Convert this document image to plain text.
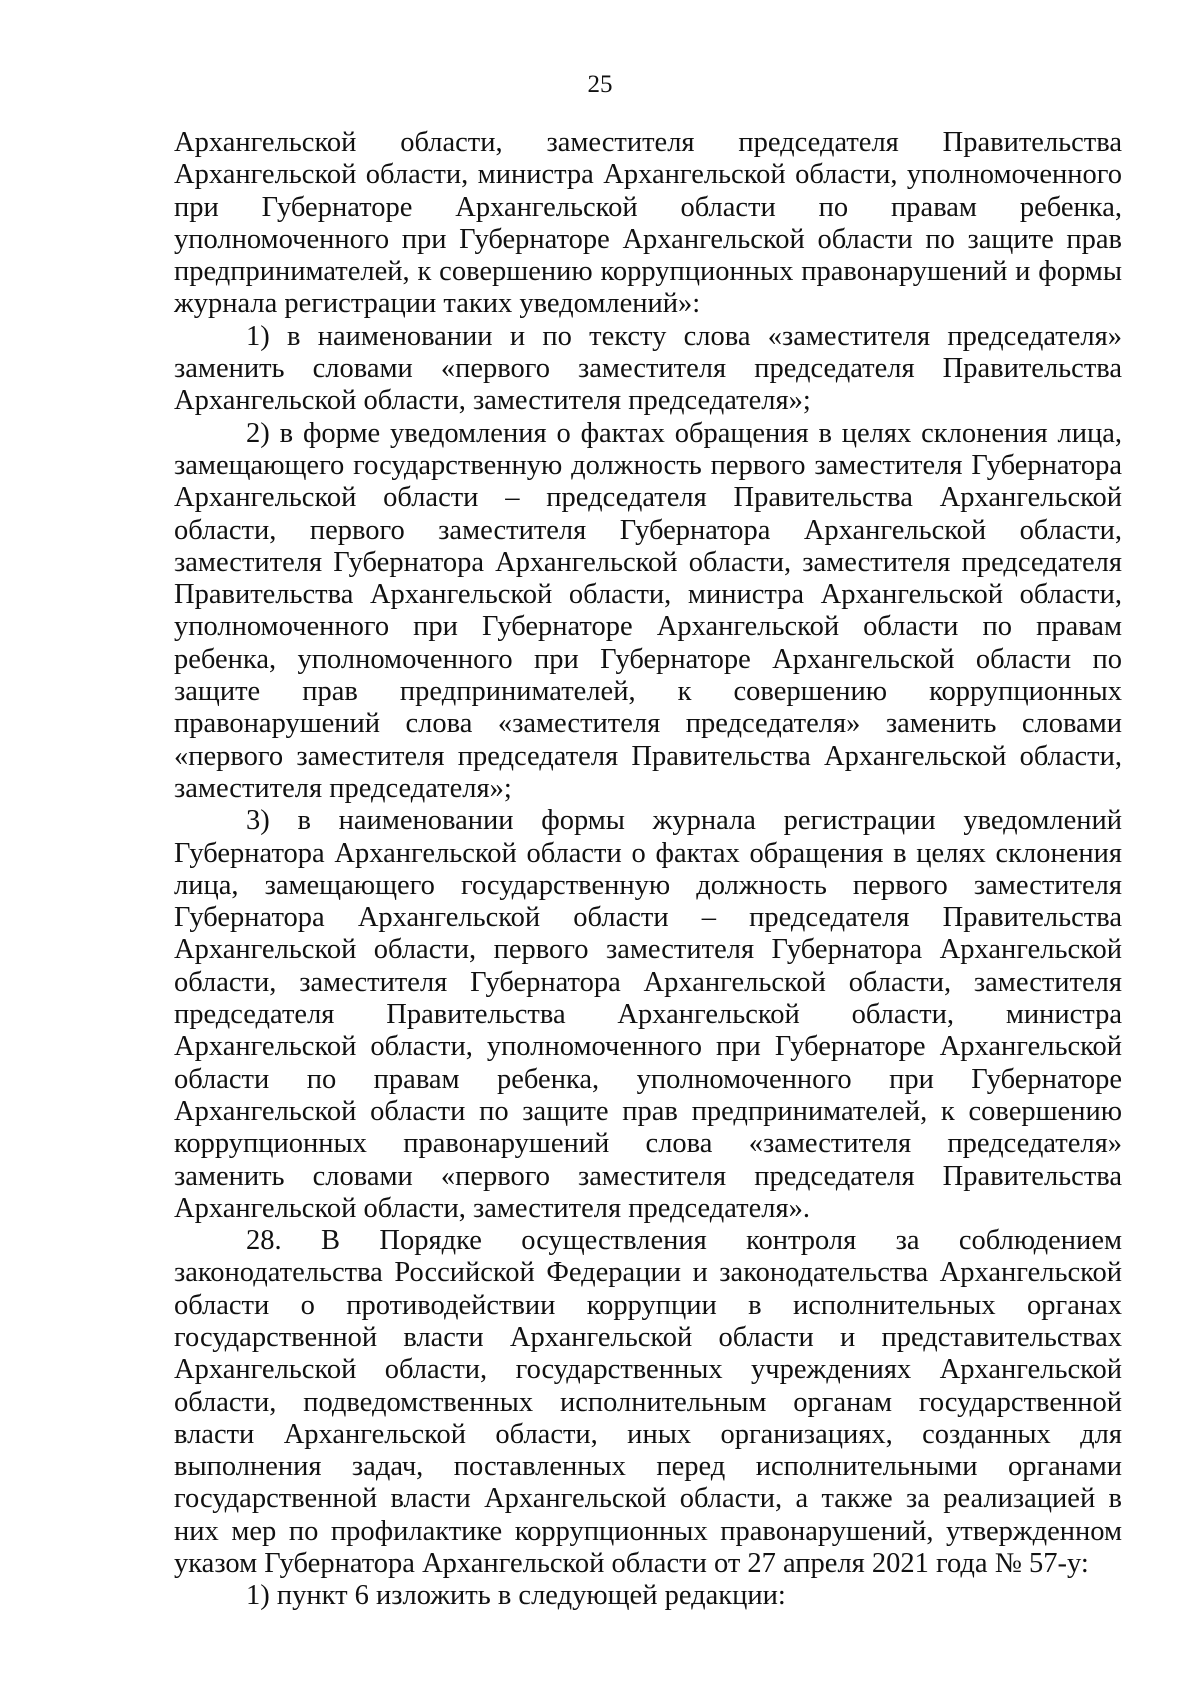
25

Архангельской области, заместителя председателя Правительства Архангельской области, министра Архангельской области, уполномоченного при Губернаторе Архангельской области по правам ребенка, уполномоченного при Губернаторе Архангельской области по защите прав предпринимателей, к совершению коррупционных правонарушений и формы журнала регистрации таких уведомлений»:

1) в наименовании и по тексту слова «заместителя председателя» заменить словами «первого заместителя председателя Правительства Архангельской области, заместителя председателя»;

2) в форме уведомления о фактах обращения в целях склонения лица, замещающего государственную должность первого заместителя Губернатора Архангельской области – председателя Правительства Архангельской области, первого заместителя Губернатора Архангельской области, заместителя Губернатора Архангельской области, заместителя председателя Правительства Архангельской области, министра Архангельской области, уполномоченного при Губернаторе Архангельской области по правам ребенка, уполномоченного при Губернаторе Архангельской области по защите прав предпринимателей, к совершению коррупционных правонарушений слова «заместителя председателя» заменить словами «первого заместителя председателя Правительства Архангельской области, заместителя председателя»;

3) в наименовании формы журнала регистрации уведомлений Губернатора Архангельской области о фактах обращения в целях склонения лица, замещающего государственную должность первого заместителя Губернатора Архангельской области – председателя Правительства Архангельской области, первого заместителя Губернатора Архангельской области, заместителя Губернатора Архангельской области, заместителя председателя Правительства Архангельской области, министра Архангельской области, уполномоченного при Губернаторе Архангельской области по правам ребенка, уполномоченного при Губернаторе Архангельской области по защите прав предпринимателей, к совершению коррупционных правонарушений слова «заместителя председателя» заменить словами «первого заместителя председателя Правительства Архангельской области, заместителя председателя».

28. В Порядке осуществления контроля за соблюдением законодательства Российской Федерации и законодательства Архангельской области о противодействии коррупции в исполнительных органах государственной власти Архангельской области и представительствах Архангельской области, государственных учреждениях Архангельской области, подведомственных исполнительным органам государственной власти Архангельской области, иных организациях, созданных для выполнения задач, поставленных перед исполнительными органами государственной власти Архангельской области, а также за реализацией в них мер по профилактике коррупционных правонарушений, утвержденном указом Губернатора Архангельской области от 27 апреля 2021 года № 57-у:

1) пункт 6 изложить в следующей редакции:
